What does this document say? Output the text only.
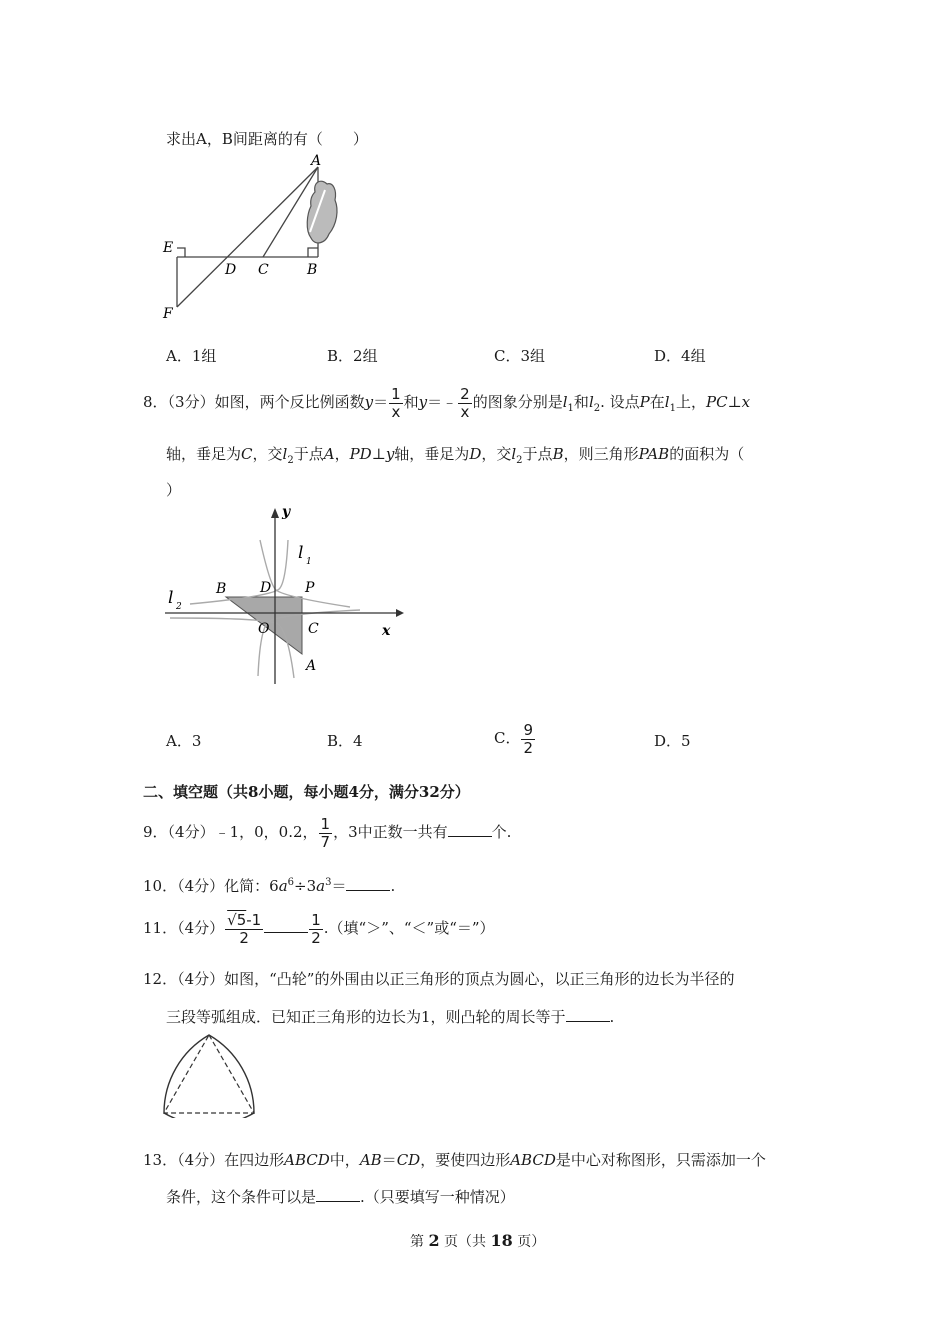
求出A，B间距离的有（　　）
A
E
D C	B
F
A．1组	B．2组	C．3组	D．4组
8．（3分）如图，两个反比例函数$y= \frac{1}{x}$ 和y＝﹣ $\frac{2}{x}$ 的图象分别是$l_1$和$l_2$. 设点P在$l_1$上，PC⊥x
轴，垂足为C，交$l_2$于点A，PD⊥y轴，垂足为D，交$l_2$于点B，则三角形PAB的面积为（
）
y
l 1
l 2
B D P
O	C	x
A
A．3	B．4	C． $\frac{9}{2}$	D．5
二、填空题（共8小题，每小题4分，满分32分）
9．（4分）﹣1，0，0.2， $\frac{1}{7}$ ，3中正数一共有	个.
10．（4分）化简：$6a^6\div 3a^3=$	.
11．（4分） $\frac{√5-1}{2}$	$\frac{1}{2}$ .（填“＞”、“＜”或“＝”）
12．（4分）如图，“凸轮”的外围由以正三角形的顶点为圆心，以正三角形的边长为半径的
三段等弧组成．已知正三角形的边长为1，则凸轮的周长等于	.
13．（4分）在四边形ABCD中，AB＝CD，要使四边形ABCD是中心对称图形，只需添加一个
条件，这个条件可以是	.（只要填写一种情况）
第 2 页（共 18 页）
